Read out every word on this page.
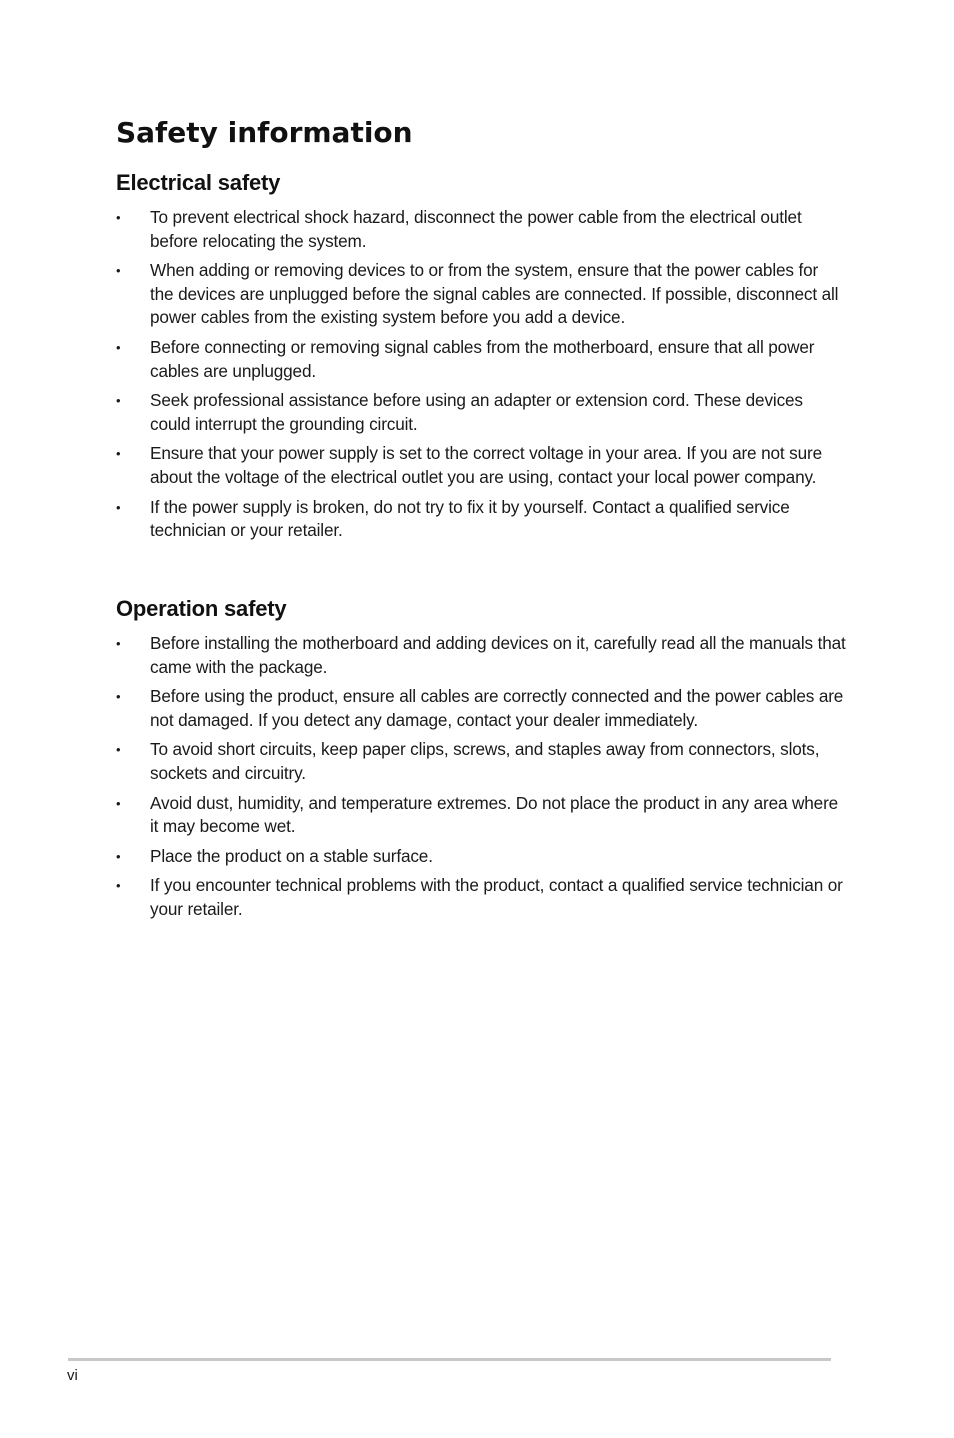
Safety information
Electrical safety
•	To prevent electrical shock hazard, disconnect the power cable from the electrical outlet before relocating the system.
•	When adding or removing devices to or from the system, ensure that the power cables for the devices are unplugged before the signal cables are connected. If possible, disconnect all power cables from the existing system before you add a device.
•	Before connecting or removing signal cables from the motherboard, ensure that all power cables are unplugged.
•	Seek professional assistance before using an adapter or extension cord. These devices could interrupt the grounding circuit.
•	Ensure that your power supply is set to the correct voltage in your area. If you are not sure about the voltage of the electrical outlet you are using, contact your local power company.
•	If the power supply is broken, do not try to fix it by yourself. Contact a qualified service technician or your retailer.
Operation safety
•	Before installing the motherboard and adding devices on it, carefully read all the manuals that came with the package.
•	Before using the product, ensure all cables are correctly connected and the power cables are not damaged. If you detect any damage, contact your dealer immediately.
•	To avoid short circuits, keep paper clips, screws, and staples away from connectors, slots, sockets and circuitry.
•	Avoid dust, humidity, and temperature extremes. Do not place the product in any area where it may become wet.
•	Place the product on a stable surface.
•	If you encounter technical problems with the product, contact a qualified service technician or your retailer.
vi
